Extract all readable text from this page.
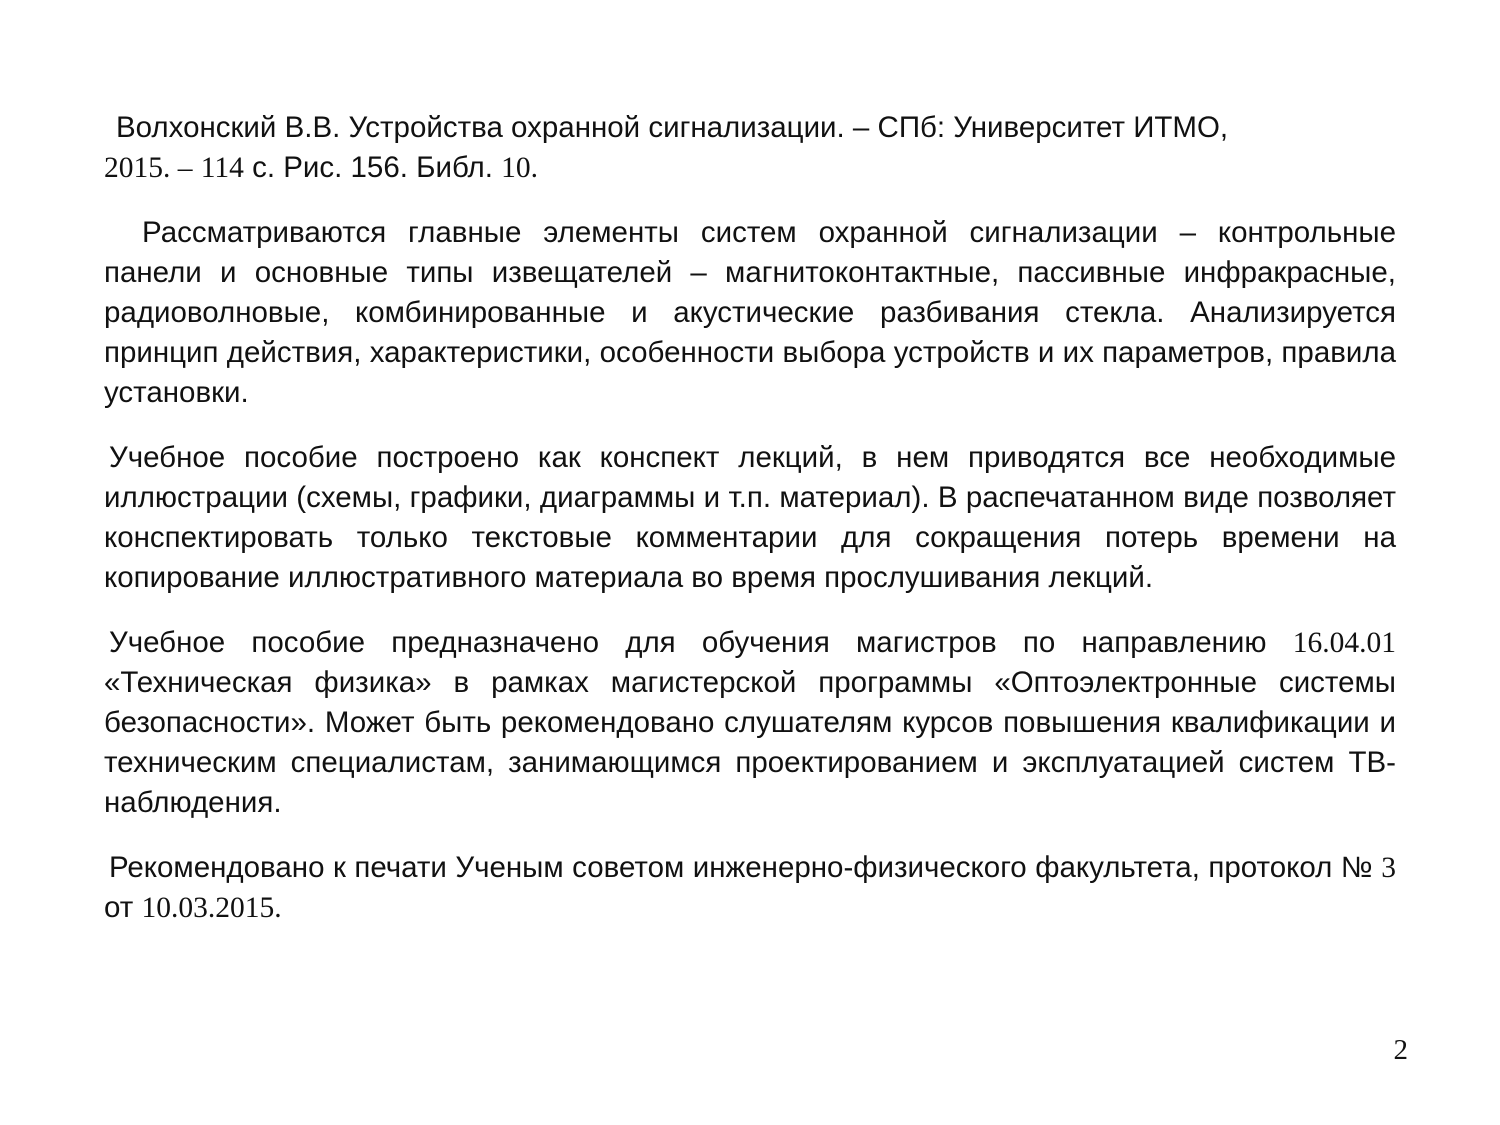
Волхонский В.В. Устройства охранной сигнализации. – СПб: Университет ИТМО,
2015. – 114 с. Рис. 156. Библ. 10.

Рассматриваются главные элементы систем охранной сигнализации – контрольные панели и основные типы извещателей – магнитоконтактные, пассивные инфракрасные, радиоволновые, комбинированные и акустические разбивания стекла. Анализируется принцип действия, характеристики, особенности выбора устройств и их параметров, правила установки.

Учебное пособие построено как конспект лекций, в нем приводятся все необходимые иллюстрации (схемы, графики, диаграммы и т.п. материал). В распечатанном виде позволяет конспектировать только текстовые комментарии для сокращения потерь времени на копирование иллюстративного материала во время прослушивания лекций.

Учебное пособие предназначено для обучения магистров по направлению 16.04.01 «Техническая физика» в рамках магистерской программы «Оптоэлектронные системы безопасности». Может быть рекомендовано слушателям курсов повышения квалификации и техническим специалистам, занимающимся проектированием и эксплуатацией систем ТВ-наблюдения.

Рекомендовано к печати Ученым советом инженерно-физического факультета, протокол № 3 от 10.03.2015.

2
